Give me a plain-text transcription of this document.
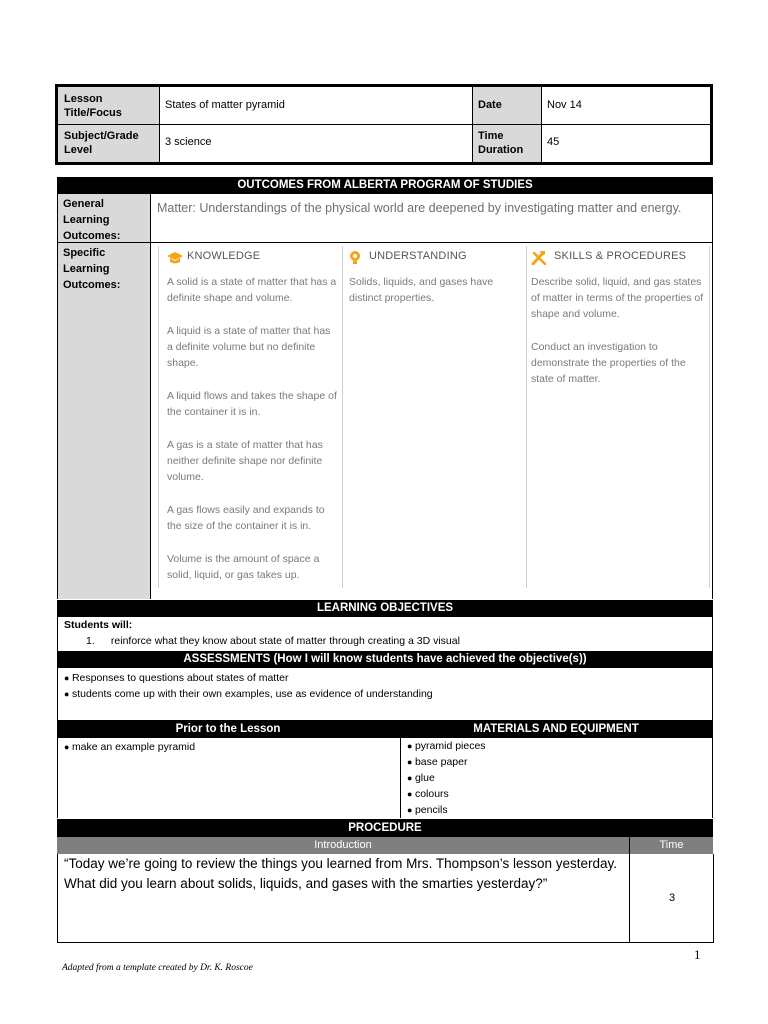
Lesson Title/Focus
States of matter pyramid	Date	Nov 14
Subject/Grade Level
3 science	Time Duration
45
OUTCOMES FROM ALBERTA PROGRAM OF STUDIES
General Learning Outcomes:
Matter: Understandings of the physical world are deepened by investigating matter and energy.
Specific Learning Outcomes:
KNOWLEDGE
A solid is a state of matter that has a definite shape and volume.
A liquid is a state of matter that has a definite volume but no definite shape.
A liquid flows and takes the shape of the container it is in.
A gas is a state of matter that has neither definite shape nor definite volume.
A gas flows easily and expands to the size of the container it is in.
Volume is the amount of space a solid, liquid, or gas takes up.
UNDERSTANDING
Solids, liquids, and gases have distinct properties.
SKILLS & PROCEDURES
Describe solid, liquid, and gas states of matter in terms of the properties of shape and volume.
Conduct an investigation to demonstrate the properties of the state of matter.
LEARNING OBJECTIVES
Students will:
1. reinforce what they know about state of matter through creating a 3D visual
ASSESSMENTS (How I will know students have achieved the objective(s))
● Responses to questions about states of matter
● students come up with their own examples, use as evidence of understanding
Prior to the Lesson	MATERIALS AND EQUIPMENT
● make an example pyramid
●	pyramid pieces
● base paper
● glue
● colours
● pencils
PROCEDURE
Introduction	Time
“Today we’re going to review the things you learned from Mrs. Thompson’s lesson yesterday. What did you learn about solids, liquids, and gases with the smarties yesterday?”
3
1
Adapted from a template created by Dr. K. Roscoe
